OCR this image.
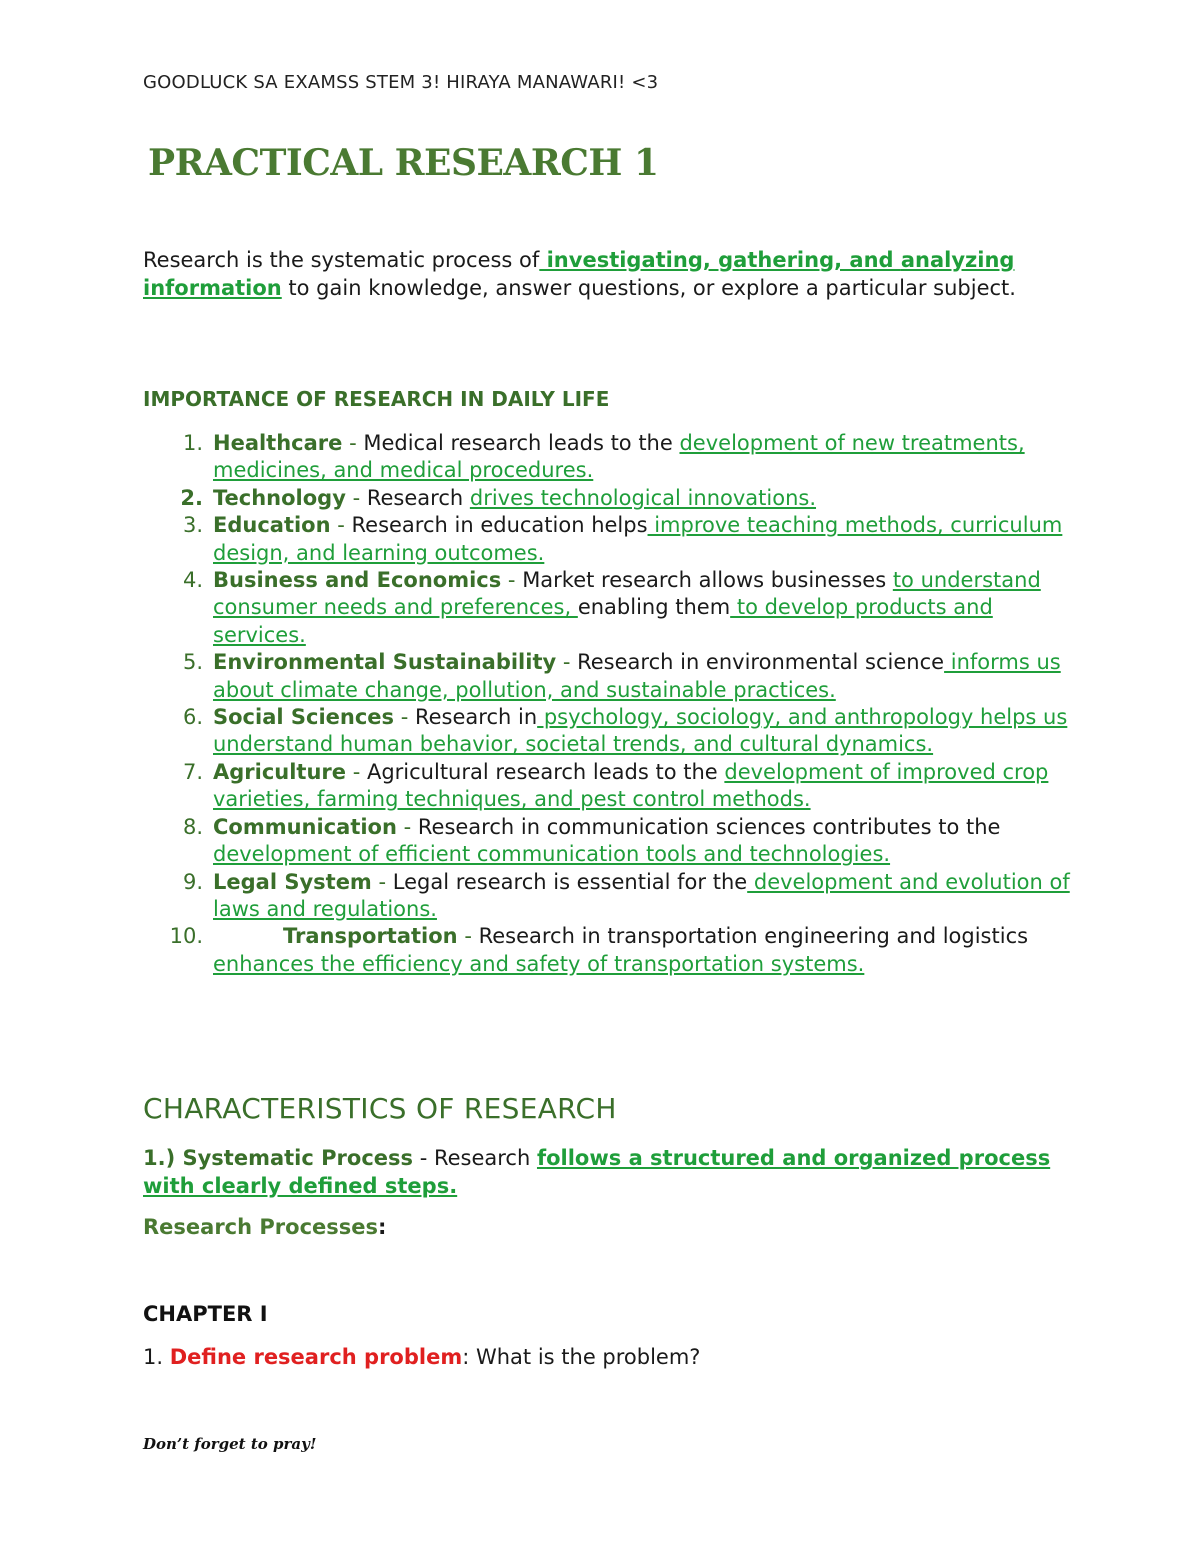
GOODLUCK SA EXAMSS STEM 3! HIRAYA MANAWARI! <3
PRACTICAL RESEARCH 1

Research is the systematic process of investigating, gathering, and analyzing information to gain knowledge, answer questions, or explore a particular subject.

IMPORTANCE OF RESEARCH IN DAILY LIFE
1. Healthcare - Medical research leads to the development of new treatments, medicines, and medical procedures.
2. Technology - Research drives technological innovations.
3. Education - Research in education helps improve teaching methods, curriculum design, and learning outcomes.
4. Business and Economics - Market research allows businesses to understand consumer needs and preferences, enabling them to develop products and services.
5. Environmental Sustainability - Research in environmental science informs us about climate change, pollution, and sustainable practices.
6. Social Sciences - Research in psychology, sociology, and anthropology helps us understand human behavior, societal trends, and cultural dynamics.
7. Agriculture - Agricultural research leads to the development of improved crop varieties, farming techniques, and pest control methods.
8. Communication - Research in communication sciences contributes to the development of efficient communication tools and technologies.
9. Legal System - Legal research is essential for the development and evolution of laws and regulations.
10.	Transportation - Research in transportation engineering and logistics enhances the efficiency and safety of transportation systems.
CHARACTERISTICS OF RESEARCH

1.) Systematic Process - Research follows a structured and organized process with clearly defined steps.

Research Processes:
CHAPTER I
1. Define research problem: What is the problem?
Don’t forget to pray!
